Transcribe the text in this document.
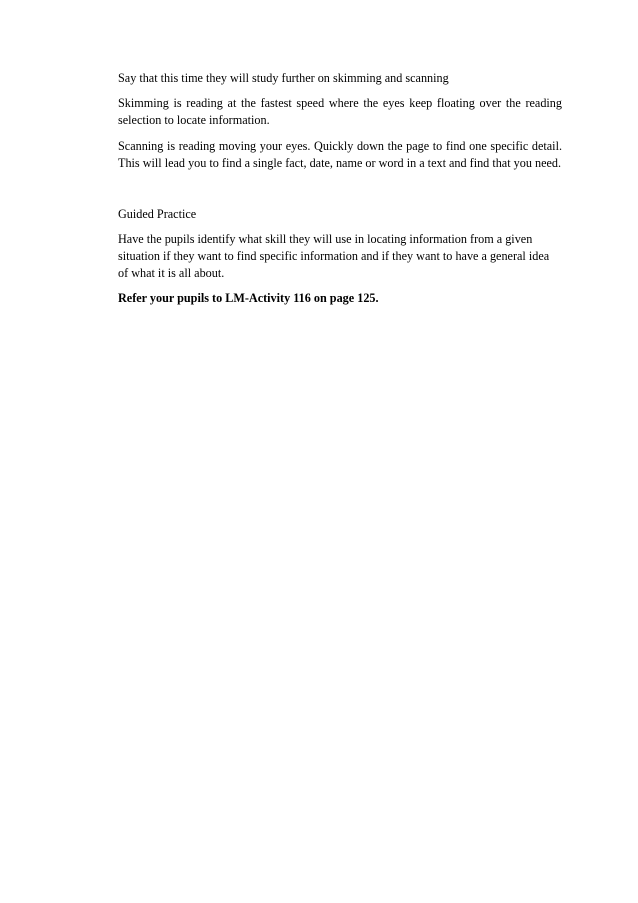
Say that this time they will study further on skimming and scanning

Skimming is reading at the fastest speed where the eyes keep floating over the reading selection to locate information.

Scanning is reading moving your eyes. Quickly down the page to find one specific detail. This will lead you to find a single fact, date, name or word in a text and find that you need.

Guided Practice

Have the pupils identify what skill they will use in locating information from a given situation if they want to find specific information and if they want to have a general idea of what it is all about.

Refer your pupils to LM-Activity 116 on page 125.
